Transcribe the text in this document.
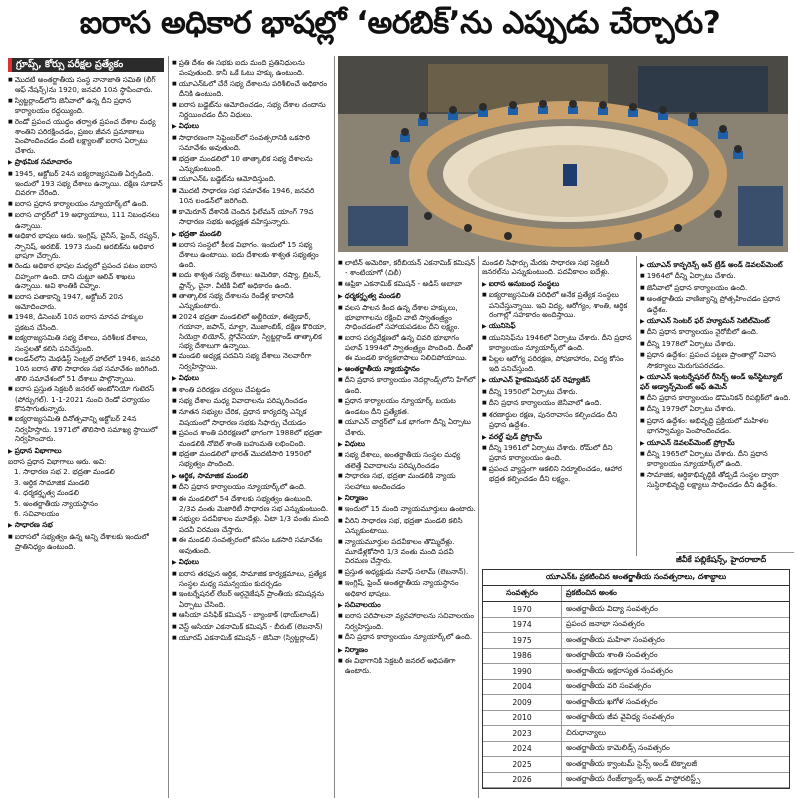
ఐరాస అధికార భాషల్లో ‘అరబిక్’ను ఎప్పుడు చేర్చారు?
గ్రూప్స్, కోర్సు పరీక్షల ప్రత్యేకం

■ మొదటి అంతర్జాతీయ సంస్థ నానాజాతి సమితి (లీగ్ ఆఫ్ నేషన్స్)ను 1920, జనవరి 10న స్థాపించారు.

■ స్విట్జర్లాండ్‌లోని జెనీవాలో ఉన్న దీని ప్రధాన కార్యాలయం రద్దయ్యింది.

■ రెండో ప్రపంచ యుద్ధం తర్వాత ప్రపంచ దేశాల మధ్య శాంతిని పరిరక్షించడం, ప్రజల జీవన ప్రమాణాలు పెంపొందించడం వంటి లక్ష్యాలతో ఐరాస ఏర్పాటు చేశారు.

▶ ప్రాథమిక సమాచారం

■ 1945, అక్టోబర్ 24న ఐక్యరాజ్యసమితి ఏర్పడింది. ఇందులో 193 సభ్య దేశాలు ఉన్నాయి. దక్షిణ సూడాన్ చివరగా చేరింది.

■ ఐరాస ప్రధాన కార్యాలయం న్యూయార్క్‌లో ఉంది.

■ ఐరాస చార్టర్‌లో 19 అధ్యాయాలు, 111 నిబంధనలు ఉన్నాయి.

■ అధికార భాషలు ఆరు. ఇంగ్లిష్, చైనీస్, ఫ్రెంచ్, రష్యన్, స్పానిష్, అరబిక్. 1973 నుంచి అరబిక్‌ను అధికార భాషగా చేర్చారు.

■ రెండు అధికార భాషల మధ్యలో ప్రపంచ పటం ఐరాస చిహ్నంగా ఉంది. దాని చుట్టూ ఆలివ్ శాఖలు ఉన్నాయి. అవి శాంతికి చిహ్నం.

■ ఐరాస పతాకాన్ని 1947, అక్టోబర్ 20న ఆమోదించారు.

■ 1948, డిసెంబర్ 10న ఐరాస మానవ హక్కుల ప్రకటన చేసింది.

■ ఐక్యరాజ్యసమితి సభ్య దేశాలు, పరిశీలక దేశాలు, సంస్థలతో కలిసి పనిచేస్తుంది.

■ లండన్‌లోని మెథడిస్ట్ సెంట్రల్ హాల్‌లో 1946, జనవరి 10న ఐరాస తొలి సాధారణ సభ సమావేశం జరిగింది. తొలి సమావేశంలో 51 దేశాలు పాల్గొన్నాయి.

■ ఐరాస ప్రస్తుత సెక్రటరీ జనరల్ ఆంటోనియో గుటెరస్ (పోర్చుగల్). 1-1-2021 నుంచి రెండో పర్యాయం కొనసాగుతున్నారు.

■ ఐక్యరాజ్యసమితి దినోత్సవాన్ని అక్టోబర్ 24న నిర్వహిస్తారు. 1971లో తొలిసారి సమాఖ్య స్థాయిలో నిర్వహించారు.

▶ ప్రధాన విభాగాలు

ఐరాస ప్రధాన విభాగాలు ఆరు. అవి:

1. సాధారణ సభ 2. భద్రతా మండలి

3. ఆర్థిక సామాజిక మండలి

4. ధర్మకర్తృత్వ మండలి

5. అంతర్జాతీయ న్యాయస్థానం

6. సచివాలయం

▶ సాధారణ సభ

■ ఐరాసలో సభ్యత్వం ఉన్న అన్ని దేశాలకు ఇందులో ప్రాతినిధ్యం ఉంటుంది.

■ ప్రతి దేశం ఈ సభకు ఐదు మంది ప్రతినిధులను పంపుతుంది. కానీ ఒకే ఓటు హక్కు ఉంటుంది.

■ యూఎన్ఓలో చేరే సభ్య దేశాలను పరిశీలించే అధికారం దీనికి ఉంటుంది.

■ ఐరాస బడ్జెట్‌ను ఆమోదించడం, సభ్య దేశాల చందాను నిర్ణయించడం దీని విధులు.

▶ విధులు

■ సాధారణంగా సెప్టెంబర్‌లో సంవత్సరానికి ఒకసారి సమావేశం అవుతుంది.

■ భద్రతా మండలిలో 10 తాత్కాలిక సభ్య దేశాలను ఎన్నుకుంటుంది.

■ యూఎన్ఓ బడ్జెట్‌ను ఆమోదిస్తుంది.

■ మొదటి సాధారణ సభ సమావేశం 1946, జనవరి 10న లండన్‌లో జరిగింది.

■ కామెరూన్ దేశానికి చెందిన ఫిలేమన్ యాంగ్ 79వ సాధారణ సభకు అధ్యక్షత వహిస్తున్నారు.

▶ భద్రతా మండలి

■ ఐరాస సంస్థలో కీలక విభాగం. ఇందులో 15 సభ్య దేశాలు ఉంటాయి. ఐదు దేశాలకు శాశ్వత సభ్యత్వం ఉంది.

■ ఐదు శాశ్వత సభ్య దేశాలు: అమెరికా, రష్యా, బ్రిటన్, ఫ్రాన్స్, చైనా. వీటికి వీటో అధికారం ఉంది.

■ తాత్కాలిక సభ్య దేశాలను రెండేళ్ల కాలానికి ఎన్నుకుంటారు.

■ 2024 భద్రతా మండలిలో అల్జీరియా, ఈక్వెడార్, గయానా, జపాన్, మాల్టా, మొజాంబిక్, దక్షిణ కొరియా, సియెర్రా లియోన్, స్లోవేనియా, స్విట్జర్లాండ్ తాత్కాలిక సభ్య దేశాలుగా ఉన్నాయి.

■ మండలి అధ్యక్ష పదవిని సభ్య దేశాలు నెలవారీగా నిర్వహిస్తాయి.

▶ విధులు

■ శాంతి పరిరక్షణ చర్యలు చేపట్టడం

■ సభ్య దేశాల మధ్య వివాదాలను పరిష్కరించడం

■ నూతన సభ్యుల చేరిక, ప్రధాన కార్యదర్శి ఎన్నిక విషయంలో సాధారణ సభకు సిఫార్సు చేయడం

■ ప్రపంచ శాంతి పరిరక్షణలో భాగంగా 1988లో భద్రతా మండలికి నోబెల్ శాంతి బహుమతి లభించింది.

■ భద్రతా మండలిలో భారత్ మొదటిసారి 1950లో సభ్యత్వం పొందింది.

▶ ఆర్థిక, సామాజిక మండలి

■ దీని ప్రధాన కార్యాలయం న్యూయార్క్‌లో ఉంది.

■ ఈ మండలిలో 54 దేశాలకు సభ్యత్వం ఉంటుంది. 2/3వ వంతు మెజారిటీ సాధారణ సభ ఎన్నుకుంటుంది.

■ సభ్యుల పదవీకాలం మూడేళ్లు. ఏటా 1/3 వంతు మంది పదవీ విరమణ చేస్తారు.

■ ఈ మండలి సంవత్సరంలో కనీసం ఒకసారి సమావేశం అవుతుంది.

▶ విధులు

■ ఐరాస తరఫున ఆర్థిక, సామాజిక కార్యక్రమాలు, ప్రత్యేక సంస్థల మధ్య సమన్వయం కుదర్చడం

■ ఇంటర్నేషనల్ లేబర్ ఆర్గనైజేషన్ ప్రాంతీయ కమిషన్లను ఏర్పాటు చేసింది.

■ ఆసియా పసిఫిక్ కమిషన్ - బ్యాంకాక్ (థాయ్‌లాండ్)

■ వెస్ట్ ఆసియా ఎకనామిక్ కమిషన్ - బీరుట్ (లెబనాన్)

■ యూరప్ ఎకనామిక్ కమిషన్ - జెనీవా (స్విట్జర్లాండ్)

■ లాటిన్ అమెరికా, కరీబియన్ ఎకనామిక్ కమిషన్ - శాంటియాగో (చిలీ)

■ ఆఫ్రికా ఎకనామిక్ కమిషన్ - అడిస్ అబాబా

▶ ధర్మకర్తృత్వ మండలి

■ వలస పాలన కింద ఉన్న దేశాల హక్కులు, భూభాగాలను రక్షించి వాటి స్వాతంత్ర్యం సాధించడంలో సహాయపడటం దీని లక్ష్యం.

■ ఐరాస పర్యవేక్షణలో ఉన్న చివరి భూభాగం పలావ్ 1994లో స్వాతంత్ర్యం పొందింది. దీంతో ఈ మండలి కార్యకలాపాలు నిలిచిపోయాయి.

▶ అంతర్జాతీయ న్యాయస్థానం

■ దీని ప్రధాన కార్యాలయం నెదర్లాండ్స్‌లోని హేగ్‌లో ఉంది.

■ ప్రధాన కార్యాలయం న్యూయార్క్ బయట ఉండటం దీని ప్రత్యేకత.

■ యూఎన్ చార్టర్‌లో ఒక భాగంగా దీన్ని ఏర్పాటు చేశారు.

▶ విధులు

■ సభ్య దేశాలు, అంతర్జాతీయ సంస్థల మధ్య తలెత్తే వివాదాలను పరిష్కరించడం

■ సాధారణ సభ, భద్రతా మండలికి న్యాయ సలహాలు అందించడం

▶ నిర్మాణం

■ ఇందులో 15 మంది న్యాయమూర్తులు ఉంటారు.

■ వీరిని సాధారణ సభ, భద్రతా మండలి కలిసి ఎన్నుకుంటాయి.

■ న్యాయమూర్తుల పదవీకాలం తొమ్మిదేళ్లు. మూడేళ్లకోసారి 1/3 వంతు మంది పదవీ విరమణ చేస్తారు.

■ ప్రస్తుత అధ్యక్షుడు నవాఫ్ సలామ్ (లెబనాన్).

■ ఇంగ్లిష్, ఫ్రెంచ్ అంతర్జాతీయ న్యాయస్థానం అధికార భాషలు.

▶ సచివాలయం

■ ఐరాస పరిపాలనా వ్యవహారాలను సచివాలయం నిర్వహిస్తుంది.

■ దీని ప్రధాన కార్యాలయం న్యూయార్క్‌లో ఉంది.

▶ నిర్మాణం

■ ఈ విభాగానికి సెక్రటరీ జనరల్ అధిపతిగా ఉంటారు.

మండలి సిఫార్సు మేరకు సాధారణ సభ సెక్రటరీ జనరల్‌ను ఎన్నుకుంటుంది. పదవీకాలం ఐదేళ్లు.

▶ ఐరాస అనుబంధ సంస్థలు

■ ఐక్యరాజ్యసమితి పరిధిలో అనేక ప్రత్యేక సంస్థలు పనిచేస్తున్నాయి. ఇవి విద్య, ఆరోగ్యం, శాంతి, ఆర్థిక రంగాల్లో సహకారం అందిస్తాయి.

▶ యునిసెఫ్

■ యునిసెఫ్‌ను 1946లో ఏర్పాటు చేశారు. దీని ప్రధాన కార్యాలయం న్యూయార్క్‌లో ఉంది.

■ పిల్లల ఆరోగ్య పరిరక్షణ, పోషకాహారం, విద్య కోసం ఇది పనిచేస్తుంది.

▶ యూఎన్ హైకమిషనర్ ఫర్ రెఫ్యూజీస్

■ దీన్ని 1950లో ఏర్పాటు చేశారు.

■ దీని ప్రధాన కార్యాలయం జెనీవాలో ఉంది.

■ శరణార్థుల రక్షణ, పునరావాసం కల్పించడం దీని ప్రధాన ఉద్దేశం.

▶ వరల్డ్ ఫుడ్ ప్రోగ్రామ్

■ దీన్ని 1961లో ఏర్పాటు చేశారు. రోమ్‌లో దీని ప్రధాన కార్యాలయం ఉంది.

■ ప్రపంచ వ్యాప్తంగా ఆకలిని నిర్మూలించడం, ఆహార భద్రత కల్పించడం దీని లక్ష్యం.

▶ యూఎన్ కాన్ఫరెన్స్ ఆన్ ట్రేడ్ అండ్ డెవలప్‌మెంట్

■ 1964లో దీన్ని ఏర్పాటు చేశారు.

■ జెనీవాలో ప్రధాన కార్యాలయం ఉంది.

■ అంతర్జాతీయ వాణిజ్యాన్ని ప్రోత్సహించడం ప్రధాన ఉద్దేశం.

▶ యూఎన్ సెంటర్ ఫర్ హ్యూమన్ సెటిల్‌మెంట్

■ దీని ప్రధాన కార్యాలయం నైరోబీలో ఉంది.

■ దీన్ని 1978లో ఏర్పాటు చేశారు.

■ ప్రధాన ఉద్దేశం: ప్రపంచ పట్టణ ప్రాంతాల్లో నివాస సౌకర్యాలు మెరుగుపరచడం.

▶ యూఎన్ ఇంటర్నేషనల్ రీసెర్చ్ అండ్ ఇన్‌స్టిట్యూట్ ఫర్ అడ్వాన్స్‌మెంట్ ఆఫ్ ఉమెన్

■ దీని ప్రధాన కార్యాలయం డొమినికన్ రిపబ్లిక్‌లో ఉంది.

■ దీన్ని 1979లో ఏర్పాటు చేశారు.

■ ప్రధాన ఉద్దేశం: అభివృద్ధి ప్రక్రియలో మహిళల భాగస్వామ్యం పెంపొందించడం.

▶ యూఎన్ డెవలప్‌మెంట్ ప్రోగ్రామ్

■ దీన్ని 1965లో ఏర్పాటు చేశారు. దీని ప్రధాన కార్యాలయం న్యూయార్క్‌లో ఉంది.

■ సామాజిక, ఆర్థికాభివృద్ధికి తోడ్పడే సంస్థల ద్వారా సుస్థిరాభివృద్ధి లక్ష్యాలు సాధించడం దీని ఉద్దేశం.

జీవీకే పబ్లికేషన్స్, హైదరాబాద్
యూఎన్ఓ ప్రకటించిన అంతర్జాతీయ సంవత్సరాలు, దశాబ్దాలు
సంవత్సరం	ప్రకటించిన అంశం
1970	అంతర్జాతీయ విద్యా సంవత్సరం
1974	ప్రపంచ జనాభా సంవత్సరం
1975	అంతర్జాతీయ మహిళా సంవత్సరం
1986	అంతర్జాతీయ శాంతి సంవత్సరం
1990	అంతర్జాతీయ అక్షరాస్యత సంవత్సరం
2004	అంతర్జాతీయ వరి సంవత్సరం
2009	అంతర్జాతీయ ఖగోళ సంవత్సరం
2010	అంతర్జాతీయ జీవ వైవిధ్య సంవత్సరం
2023	చిరుధాన్యాలు
2024	అంతర్జాతీయ కామెలిడ్స్ సంవత్సరం
2025	అంతర్జాతీయ క్వాంటమ్ సైన్స్ అండ్ టెక్నాలజీ
2026	అంతర్జాతీయ రేంజ్‌ల్యాండ్స్ అండ్ పాస్టోరలిస్ట్స్
